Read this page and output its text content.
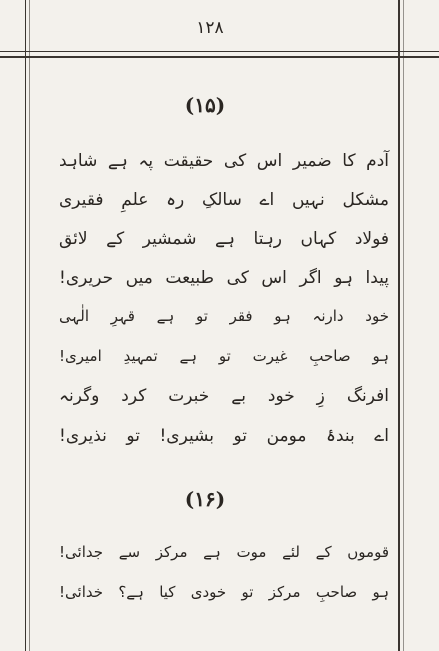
۱۲۸
(۱۵)
آدم کا ضمیر اس کی حقیقت پہ ہے شاہد
مشکل نہیں اے سالکِ رہ علمِ فقیری
فولاد کہاں رہتا ہے شمشیر کے لائق
پیدا ہو اگر اس کی طبیعت میں حریری!
خود دارنہ ہو فقر تو ہے قہرِ الٰہی
ہو صاحبِ غیرت تو ہے تمہیدِ امیری!
افرنگ زِ خود بے خبرت کرد وگرنہ
اے بندۂ مومن تو بشیری! تو نذیری!
(۱۶)
قوموں کے لئے موت ہے مرکز سے جدائی!
ہو صاحبِ مرکز تو خودی کیا ہے؟ خدائی!
